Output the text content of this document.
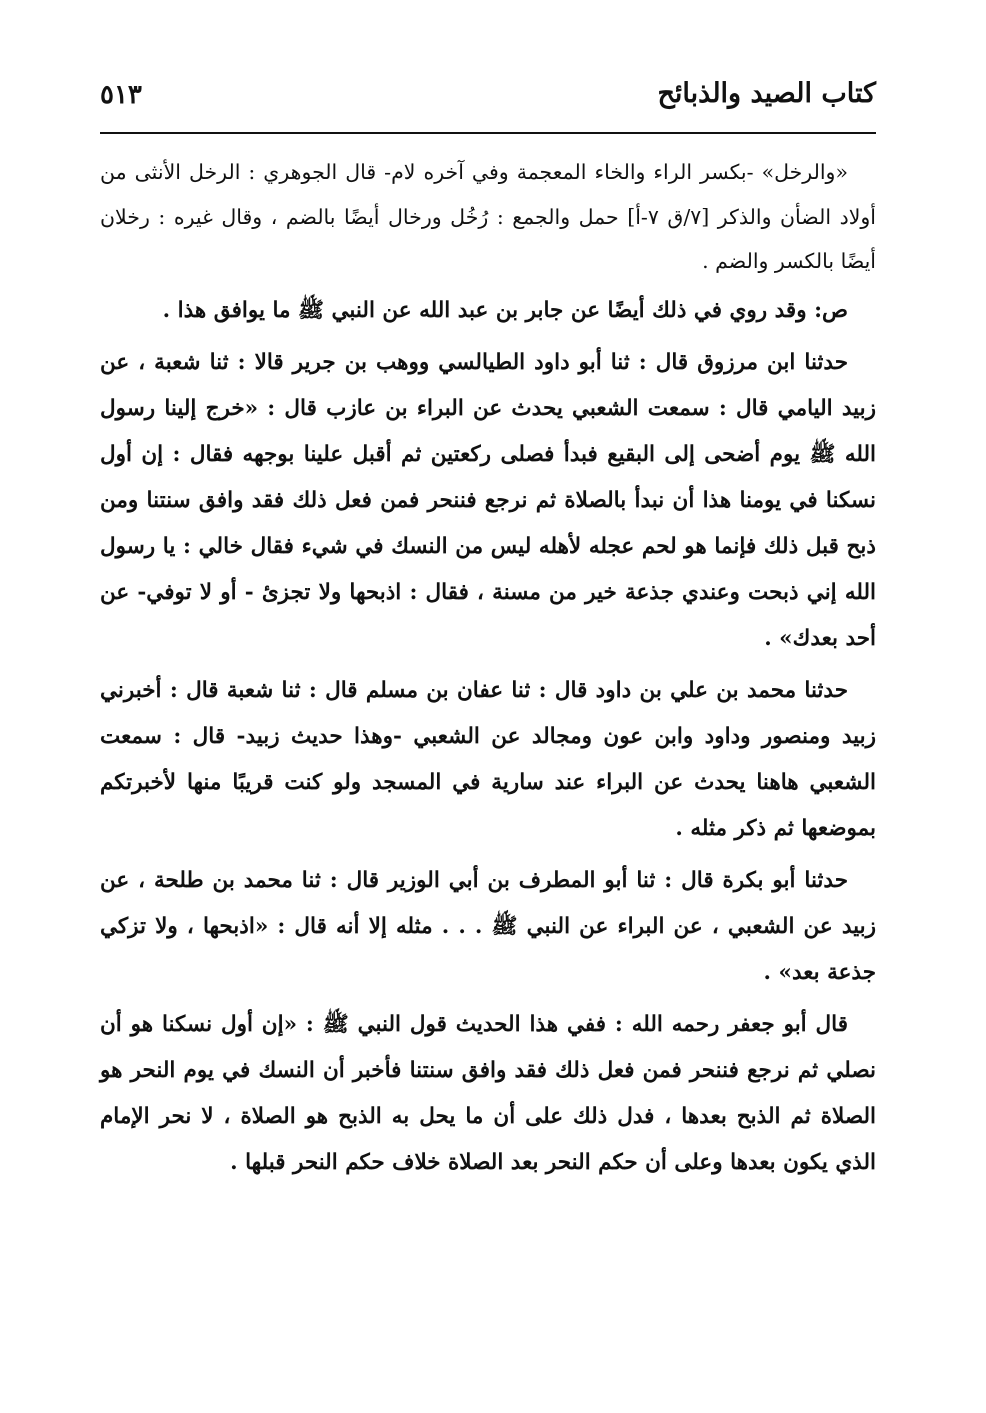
كتاب الصيد والذبائح
٥١٣

«والرخل» -بكسر الراء والخاء المعجمة وفي آخره لام- قال الجوهري : الرخل الأنثى من أولاد الضأن والذكر [٧/ق ٧-أ] حمل والجمع : رُخُل ورخال أيضًا بالضم ، وقال غيره : رخلان أيضًا بالكسر والضم .

ص: وقد روي في ذلك أيضًا عن جابر بن عبد الله عن النبي ﷺ ما يوافق هذا .

حدثنا ابن مرزوق قال : ثنا أبو داود الطيالسي ووهب بن جرير قالا : ثنا شعبة ، عن زبيد اليامي قال : سمعت الشعبي يحدث عن البراء بن عازب قال : «خرج إلينا رسول الله ﷺ يوم أضحى إلى البقيع فبدأ فصلى ركعتين ثم أقبل علينا بوجهه فقال : إن أول نسكنا في يومنا هذا أن نبدأ بالصلاة ثم نرجع فننحر فمن فعل ذلك فقد وافق سنتنا ومن ذبح قبل ذلك فإنما هو لحم عجله لأهله ليس من النسك في شيء فقال خالي : يا رسول الله إني ذبحت وعندي جذعة خير من مسنة ، فقال : اذبحها ولا تجزئ - أو لا توفي- عن أحد بعدك» .

حدثنا محمد بن علي بن داود قال : ثنا عفان بن مسلم قال : ثنا شعبة قال : أخبرني زبيد ومنصور وداود وابن عون ومجالد عن الشعبي -وهذا حديث زبيد- قال : سمعت الشعبي هاهنا يحدث عن البراء عند سارية في المسجد ولو كنت قريبًا منها لأخبرتكم بموضعها ثم ذكر مثله .

حدثنا أبو بكرة قال : ثنا أبو المطرف بن أبي الوزير قال : ثنا محمد بن طلحة ، عن زبيد عن الشعبي ، عن البراء عن النبي ﷺ . . . مثله إلا أنه قال : «اذبحها ، ولا تزكي جذعة بعد» .

قال أبو جعفر رحمه الله : ففي هذا الحديث قول النبي ﷺ : «إن أول نسكنا هو أن نصلي ثم نرجع فننحر فمن فعل ذلك فقد وافق سنتنا فأخبر أن النسك في يوم النحر هو الصلاة ثم الذبح بعدها ، فدل ذلك على أن ما يحل به الذبح هو الصلاة ، لا نحر الإمام الذي يكون بعدها وعلى أن حكم النحر بعد الصلاة خلاف حكم النحر قبلها .
